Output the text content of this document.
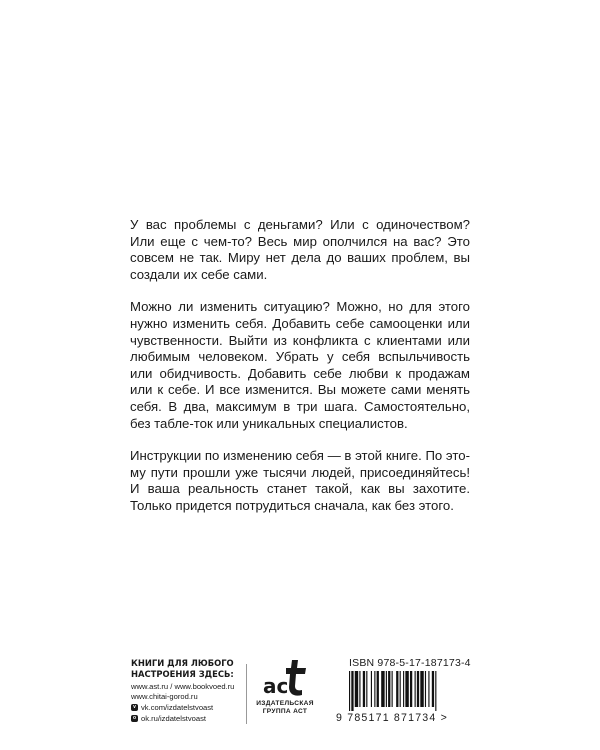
У вас проблемы с деньгами? Или с одиночеством? Или еще с чем-то? Весь мир ополчился на вас? Это совсем не так. Миру нет дела до ваших проблем, вы создали их себе сами.

Можно ли изменить ситуацию? Можно, но для этого нужно изменить себя. Добавить себе самооценки или чувственности. Выйти из конфликта с клиентами или любимым человеком. Убрать у себя вспыльчивость или обидчивость. Добавить себе любви к продажам или к себе. И все изменится. Вы можете сами менять себя. В два, максимум в три шага. Самостоятельно, без табле-ток или уникальных специалистов.

Инструкции по изменению себя — в этой книге. По это-му пути прошли уже тысячи людей, присоединяйтесь! И ваша реальность станет такой, как вы захотите. Только придется потрудиться сначала, как без этого.

КНИГИ ДЛЯ ЛЮБОГО
НАСТРОЕНИЯ ЗДЕСЬ:
www.ast.ru / www.bookvoed.ru
www.chitai-gorod.ru
v vk.com/izdatelstvoast
o ok.ru/izdatelstvoast
ас
ИЗДАТЕЛЬСКАЯ
ГРУППА АСТ
ISBN 978-5-17-187173-4
9 785171 871734 >
